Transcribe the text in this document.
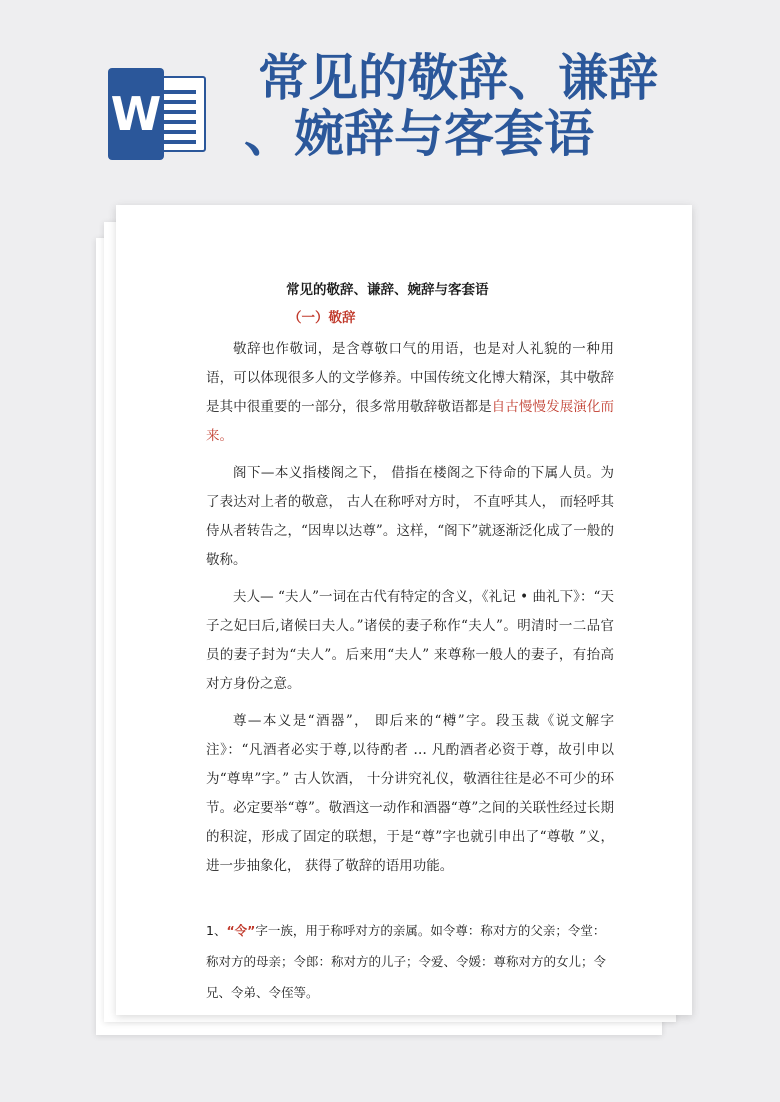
W
常见的敬辞、谦辞
、婉辞与客套语

常见的敬辞、谦辞、婉辞与客套语

（一）敬辞

敬辞也作敬词，是含尊敬口气的用语，也是对人礼貌的一种用语，可以体现很多人的文学修养。中国传统文化博大精深，其中敬辞是其中很重要的一部分，很多常用敬辞敬语都是自古慢慢发展演化而来。

阁下—本义指楼阁之下， 借指在楼阁之下待命的下属人员。为了表达对上者的敬意， 古人在称呼对方时， 不直呼其人， 而轻呼其侍从者转告之，“因卑以达尊”。这样，“阁下”就逐渐泛化成了一般的敬称。

夫人— “夫人”一词在古代有特定的含义，《礼记 • 曲礼下》：“天子之妃曰后,诸候曰夫人。”诸侯的妻子称作“夫人”。明清时一二品官员的妻子封为“夫人”。后来用“夫人” 来尊称一般人的妻子，有抬高对方身份之意。

尊—本义是“酒器”， 即后来的“樽”字。段玉裁《说文解字注》：“凡酒者必实于尊,以待酌者 … 凡酌酒者必资于尊，故引申以为“尊卑”字。” 古人饮酒， 十分讲究礼仪，敬酒往往是必不可少的环节。必定要举“尊”。敬酒这一动作和酒器“尊”之间的关联性经过长期的积淀，形成了固定的联想，于是“尊”字也就引申出了“尊敬 ”义， 进一步抽象化， 获得了敬辞的语用功能。

1、“令”字一族，用于称呼对方的亲属。如令尊：称对方的父亲；令堂：称对方的母亲；令郎：称对方的儿子；令爱、令媛：尊称对方的女儿；令兄、令弟、令侄等。
